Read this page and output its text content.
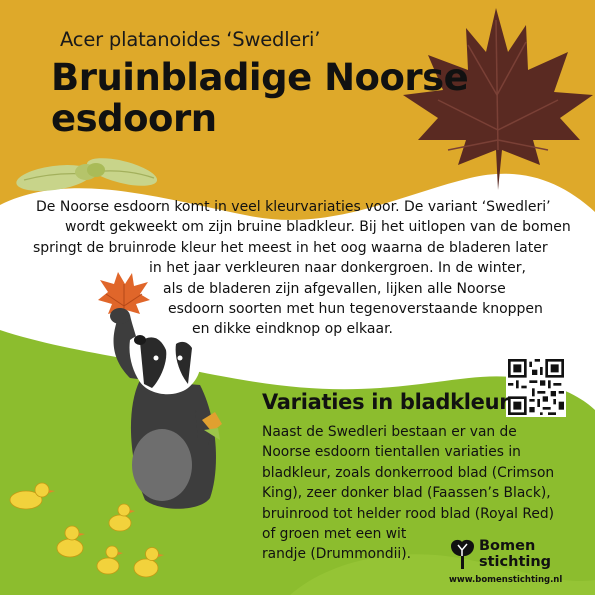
Acer platanoides ‘Swedleri’
Bruinbladige Noorse
esdoorn
De Noorse esdoorn komt in veel kleurvariaties voor. De variant ‘Swedleri’
wordt gekweekt om zijn bruine bladkleur. Bij het uitlopen van de bomen
springt de bruinrode kleur het meest in het oog waarna de bladeren later
in het jaar verkleuren naar donkergroen. In de winter,
als de bladeren zijn afgevallen, lijken alle Noorse
esdoorn soorten met hun tegenoverstaande knoppen
en dikke eindknop op elkaar.
Variaties in bladkleur
Naast de Swedleri bestaan er van de
Noorse esdoorn tientallen variaties in
bladkleur, zoals donkerrood blad (Crimson
King), zeer donker blad (Faassen’s Black),
bruinrood tot helder rood blad (Royal Red)
of groen met een wit
randje (Drummondii).
Bomen
stichting
www.bomenstichting.nl
